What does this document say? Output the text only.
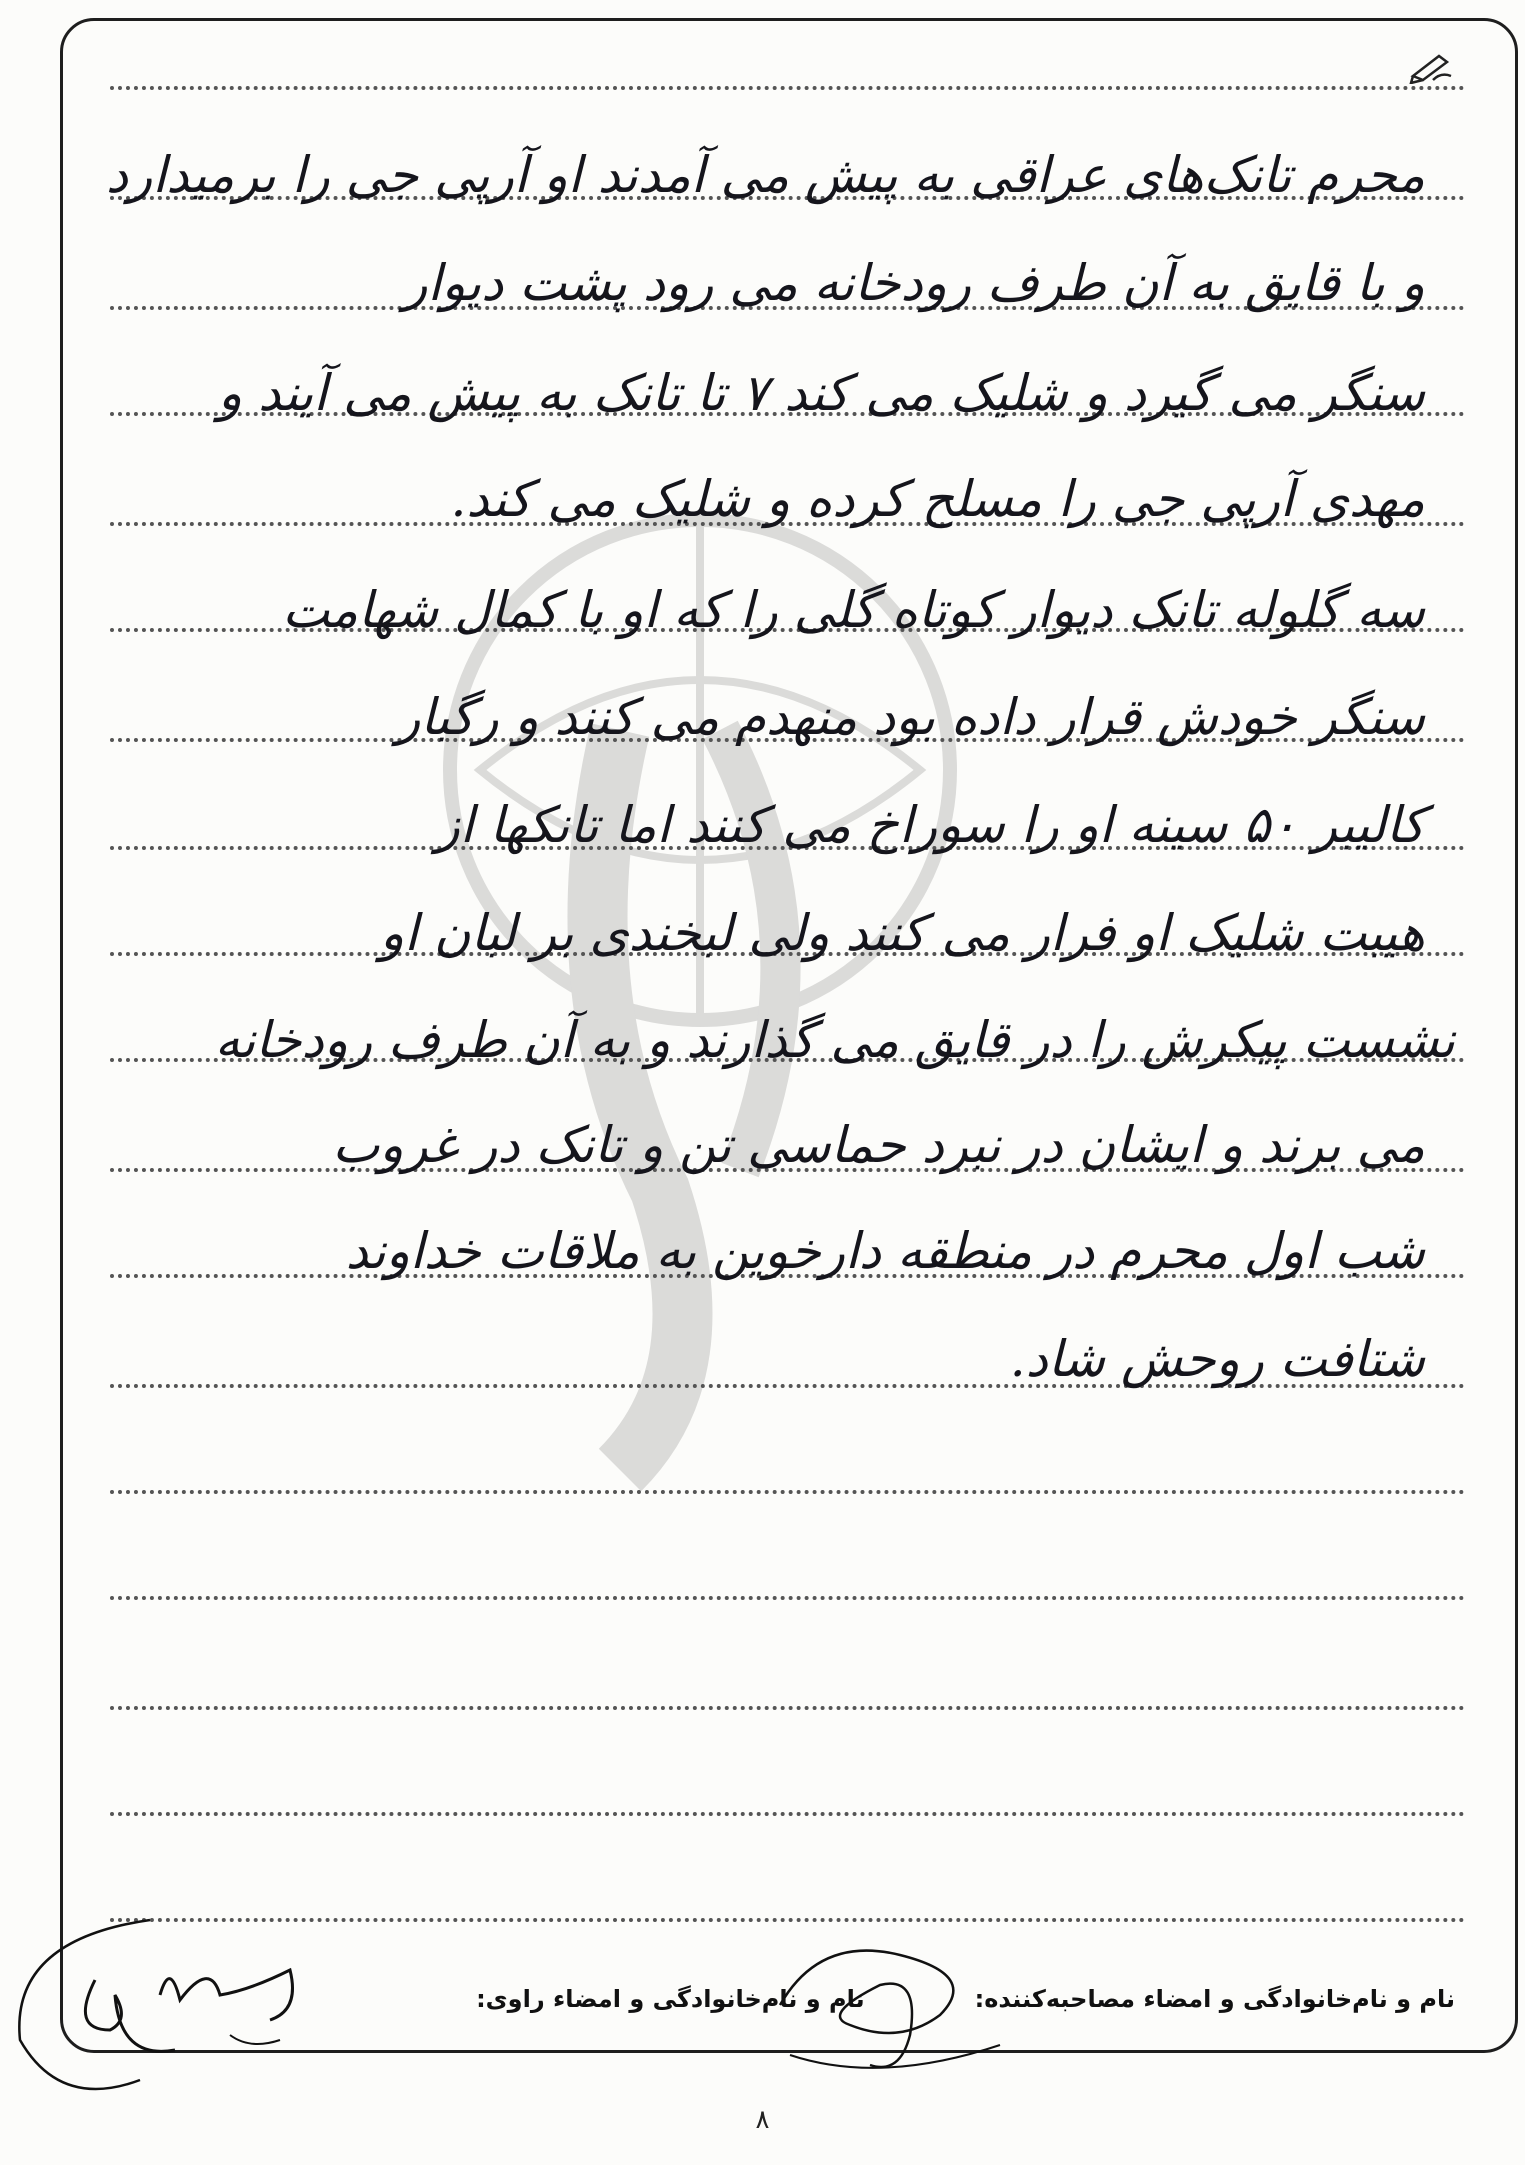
محرم تانک‌های عراقی به پیش می آمدند او آرپی جی را برمیدارد
و با قایق به آن طرف رودخانه می رود پشت دیوار
سنگر می گیرد و شلیک می کند ۷ تا تانک به پیش می آیند و
مهدی آرپی جی را مسلح کرده و شلیک می کند.
سه گلوله تانک دیوار کوتاه گلی را که او با کمال شهامت
سنگر خودش قرار داده بود منهدم می کنند و رگبار
کالیبر ۵۰ سینه او را سوراخ می کنند اما تانکها از
هیبت شلیک او فرار می کنند ولی لبخندی بر لبان او
نشست پیکرش را در قایق می گذارند و به آن طرف رودخانه
می برند و ایشان در نبرد حماسی تن و تانک در غروب
شب اول محرم در منطقه دارخوین به ملاقات خداوند
شتافت روحش شاد.
نام و نام‌خانوادگی و امضاء مصاحبه‌کننده:
نام و نام‌خانوادگی و امضاء راوی:
۸
